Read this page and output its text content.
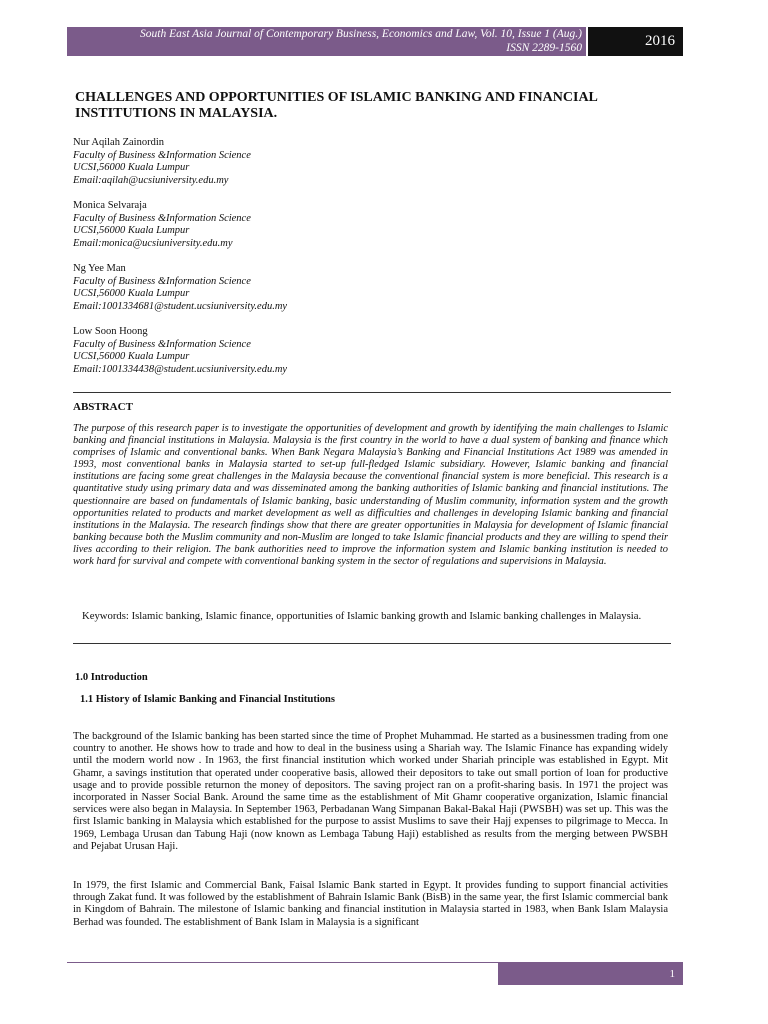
South East Asia Journal of Contemporary Business, Economics and Law, Vol. 10, Issue 1 (Aug.)
ISSN 2289-1560	2016
CHALLENGES AND OPPORTUNITIES OF ISLAMIC BANKING AND FINANCIAL
INSTITUTIONS IN MALAYSIA.
Nur Aqilah Zainordin
Faculty of Business &Information Science
UCSI,56000 Kuala Lumpur
Email:aqilah@ucsiuniversity.edu.my
Monica Selvaraja
Faculty of Business &Information Science
UCSI,56000 Kuala Lumpur
Email:monica@ucsiuniversity.edu.my
Ng Yee Man
Faculty of Business &Information Science
UCSI,56000 Kuala Lumpur
Email:1001334681@student.ucsiuniversity.edu.my
Low Soon Hoong
Faculty of Business &Information Science
UCSI,56000 Kuala Lumpur
Email:1001334438@student.ucsiuniversity.edu.my
ABSTRACT

The purpose of this research paper is to investigate the opportunities of development and growth by identifying the main challenges to Islamic banking and financial institutions in Malaysia. Malaysia is the first country in the world to have a dual system of banking and finance which comprises of Islamic and conventional banks. When Bank Negara Malaysia’s Banking and Financial Institutions Act 1989 was amended in 1993, most conventional banks in Malaysia started to set-up full-fledged Islamic subsidiary. However, Islamic banking and financial institutions are facing some great challenges in the Malaysia because the conventional financial system is more beneficial. This research is a quantitative study using primary data and was disseminated among the banking authorities of Islamic banking and financial institutions. The questionnaire are based on fundamentals of Islamic banking, basic understanding of Muslim community, information system and the growth opportunities related to products and market development as well as difficulties and challenges in developing Islamic banking and financial institutions in the Malaysia. The research findings show that there are greater opportunities in Malaysia for development of Islamic financial banking because both the Muslim community and non-Muslim are longed to take Islamic financial products and they are willing to spend their lives according to their religion. The bank authorities need to improve the information system and Islamic banking institution is needed to work hard for survival and compete with conventional banking system in the sector of regulations and supervisions in Malaysia.

Keywords: Islamic banking, Islamic finance, opportunities of Islamic banking growth and Islamic banking challenges in Malaysia.

1.0 Introduction
1.1 History of Islamic Banking and Financial Institutions

The background of the Islamic banking has been started since the time of Prophet Muhammad. He started as a businessmen trading from one country to another. He shows how to trade and how to deal in the business using a Shariah way. The Islamic Finance has expanding widely until the modern world now . In 1963, the first financial institution which worked under Shariah principle was established in Egypt. Mit Ghamr, a savings institution that operated under cooperative basis, allowed their depositors to take out small portion of loan for productive usage and to provide possible returnon the money of depositors. The saving project ran on a profit-sharing basis. In 1971 the project was incorporated in Nasser Social Bank. Around the same time as the establishment of Mit Ghamr cooperative organization, Islamic financial services were also began in Malaysia. In September 1963, Perbadanan Wang Simpanan Bakal-Bakal Haji (PWSBH) was set up. This was the first Islamic banking in Malaysia which established for the purpose to assist Muslims to save their Hajj expenses to pilgrimage to Mecca. In 1969, Lembaga Urusan dan Tabung Haji (now known as Lembaga Tabung Haji) established as results from the merging between PWSBH and Pejabat Urusan Haji.

In 1979, the first Islamic and Commercial Bank, Faisal Islamic Bank started in Egypt. It provides funding to support financial activities through Zakat fund. It was followed by the establishment of Bahrain Islamic Bank (BisB) in the same year, the first Islamic commercial bank in Kingdom of Bahrain. The milestone of Islamic banking and financial institution in Malaysia started in 1983, when Bank Islam Malaysia Berhad was founded. The establishment of Bank Islam in Malaysia is a significant

1
